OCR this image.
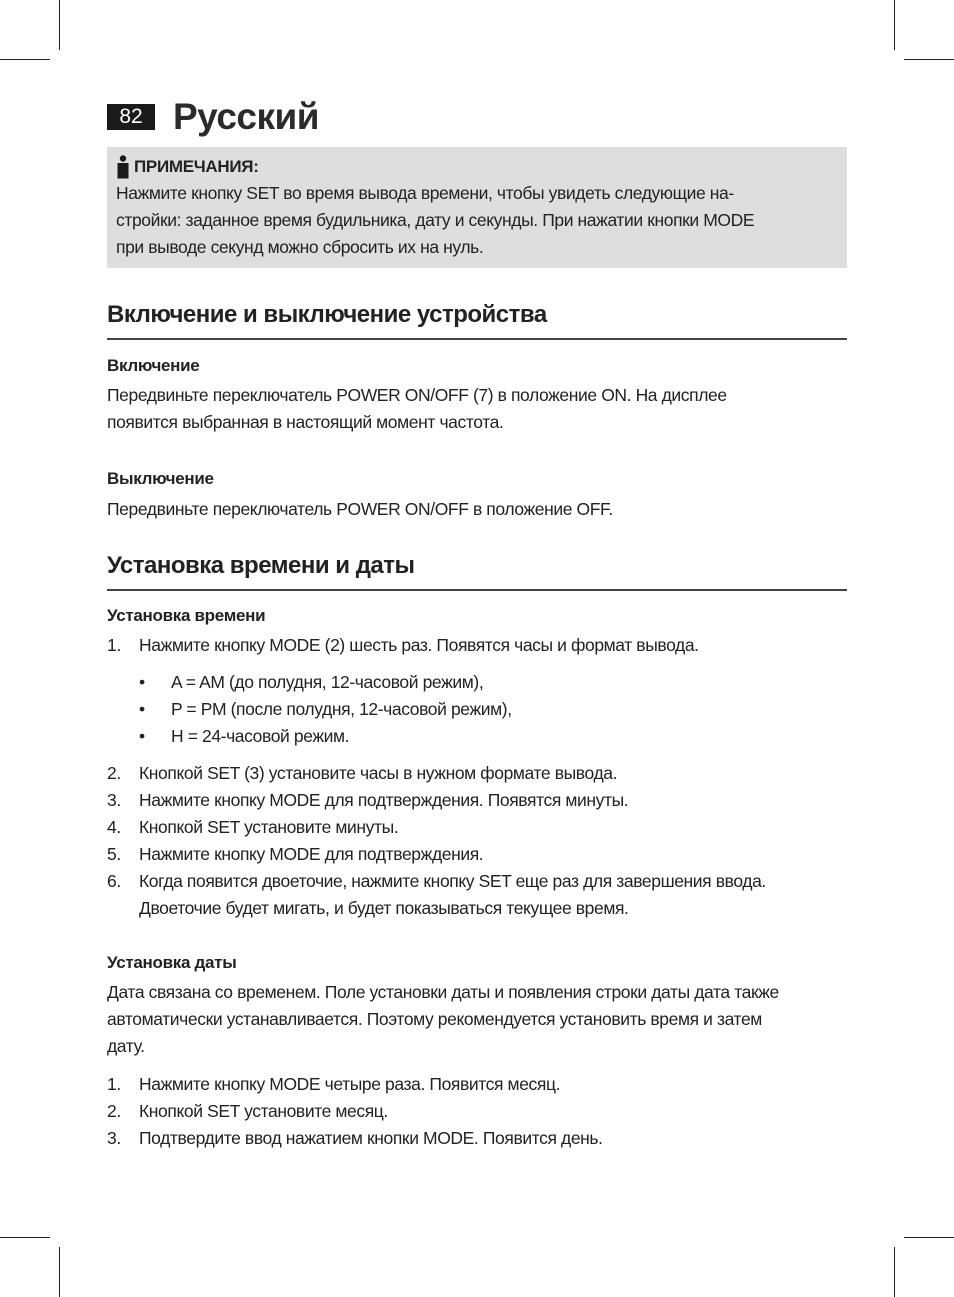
82 Русский
ПРИМЕЧАНИЯ:
Нажмите кнопку SET во время вывода времени, чтобы увидеть следующие на-
стройки: заданное время будильника, дату и секунды. При нажатии кнопки MODE
при выводе секунд можно сбросить их на нуль.
Включение и выключение устройства
Включение

Передвиньте переключатель POWER ON/OFF (7) в положение ON. На дисплее

появится выбранная в настоящий момент частота.

Выключение

Передвиньте переключатель POWER ON/OFF в положение OFF.

Установка времени и даты
Установка времени
1.	Нажмите кнопку MODE (2) шесть раз. Появятся часы и формат вывода.
•	A = AM (до полудня, 12-часовой режим),
•	P = PM (после полудня, 12-часовой режим),
•	H = 24-часовой режим.
2.	Кнопкой SET (3) установите часы в нужном формате вывода.
3.	Нажмите кнопку MODE для подтверждения. Появятся минуты.
4.	Кнопкой SET установите минуты.
5.	Нажмите кнопку MODE для подтверждения.
6.	Когда появится двоеточие, нажмите кнопку SET еще раз для завершения ввода.
Двоеточие будет мигать, и будет показываться текущее время.
Установка даты

Дата связана со временем. Поле установки даты и появления строки даты дата также

автоматически устанавливается. Поэтому рекомендуется установить время и затем

дату.

1.	Нажмите кнопку MODE четыре раза. Появится месяц.
2.	Кнопкой SET установите месяц.
3.	Подтвердите ввод нажатием кнопки MODE. Появится день.
